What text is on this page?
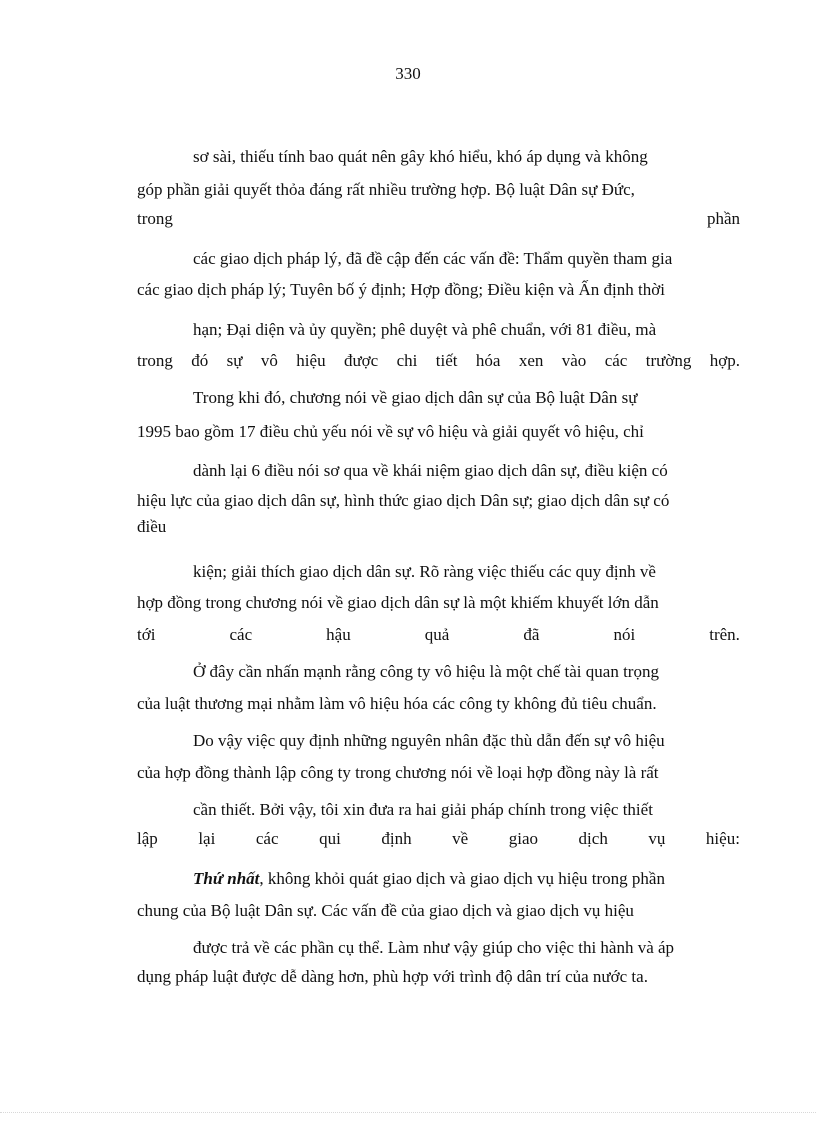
330
sơ sài, thiếu tính bao quát nên gây khó hiểu, khó áp dụng và không
góp phần giải quyết thỏa đáng rất nhiều trường hợp. Bộ luật Dân sự Đức,
trong	phần
các giao dịch pháp lý, đã đề cập đến các vấn đề: Thẩm quyền tham gia
các giao dịch pháp lý; Tuyên bố ý định; Hợp đồng; Điều kiện và Ấn định thời
hạn; Đại diện và ủy quyền; phê duyệt và phê chuẩn, với 81 điều, mà
trong đó sự vô hiệu được chi tiết hóa xen vào các trường hợp.
Trong khi đó, chương nói về giao dịch dân sự của Bộ luật Dân sự
1995 bao gồm 17 điều chủ yếu nói về sự vô hiệu và giải quyết vô hiệu, chỉ
dành lại 6 điều nói sơ qua về khái niệm giao dịch dân sự, điều kiện có
hiệu lực của giao dịch dân sự, hình thức giao dịch Dân sự; giao dịch dân sự có
điều
kiện; giải thích giao dịch dân sự. Rõ ràng việc thiếu các quy định về
hợp đồng trong chương nói về giao dịch dân sự là một khiếm khuyết lớn dẫn
tới	các	hậu	quả	đã	nói	trên.
Ở đây cần nhấn mạnh rằng công ty vô hiệu là một chế tài quan trọng
của luật thương mại nhằm làm vô hiệu hóa các công ty không đủ tiêu chuẩn.
Do vậy việc quy định những nguyên nhân đặc thù dẫn đến sự vô hiệu
của hợp đồng thành lập công ty trong chương nói về loại hợp đồng này là rất
cần thiết. Bởi vậy, tôi xin đưa ra hai giải pháp chính trong việc thiết
lập lại các qui định về giao dịch vụ hiệu:
Thứ nhất, không khỏi quát giao dịch và giao dịch vụ hiệu trong phần
chung của Bộ luật Dân sự. Các vấn đề của giao dịch và giao dịch vụ hiệu
được trả về các phần cụ thể. Làm như vậy giúp cho việc thi hành và áp
dụng pháp luật được dễ dàng hơn, phù hợp với trình độ dân trí của nước ta.
